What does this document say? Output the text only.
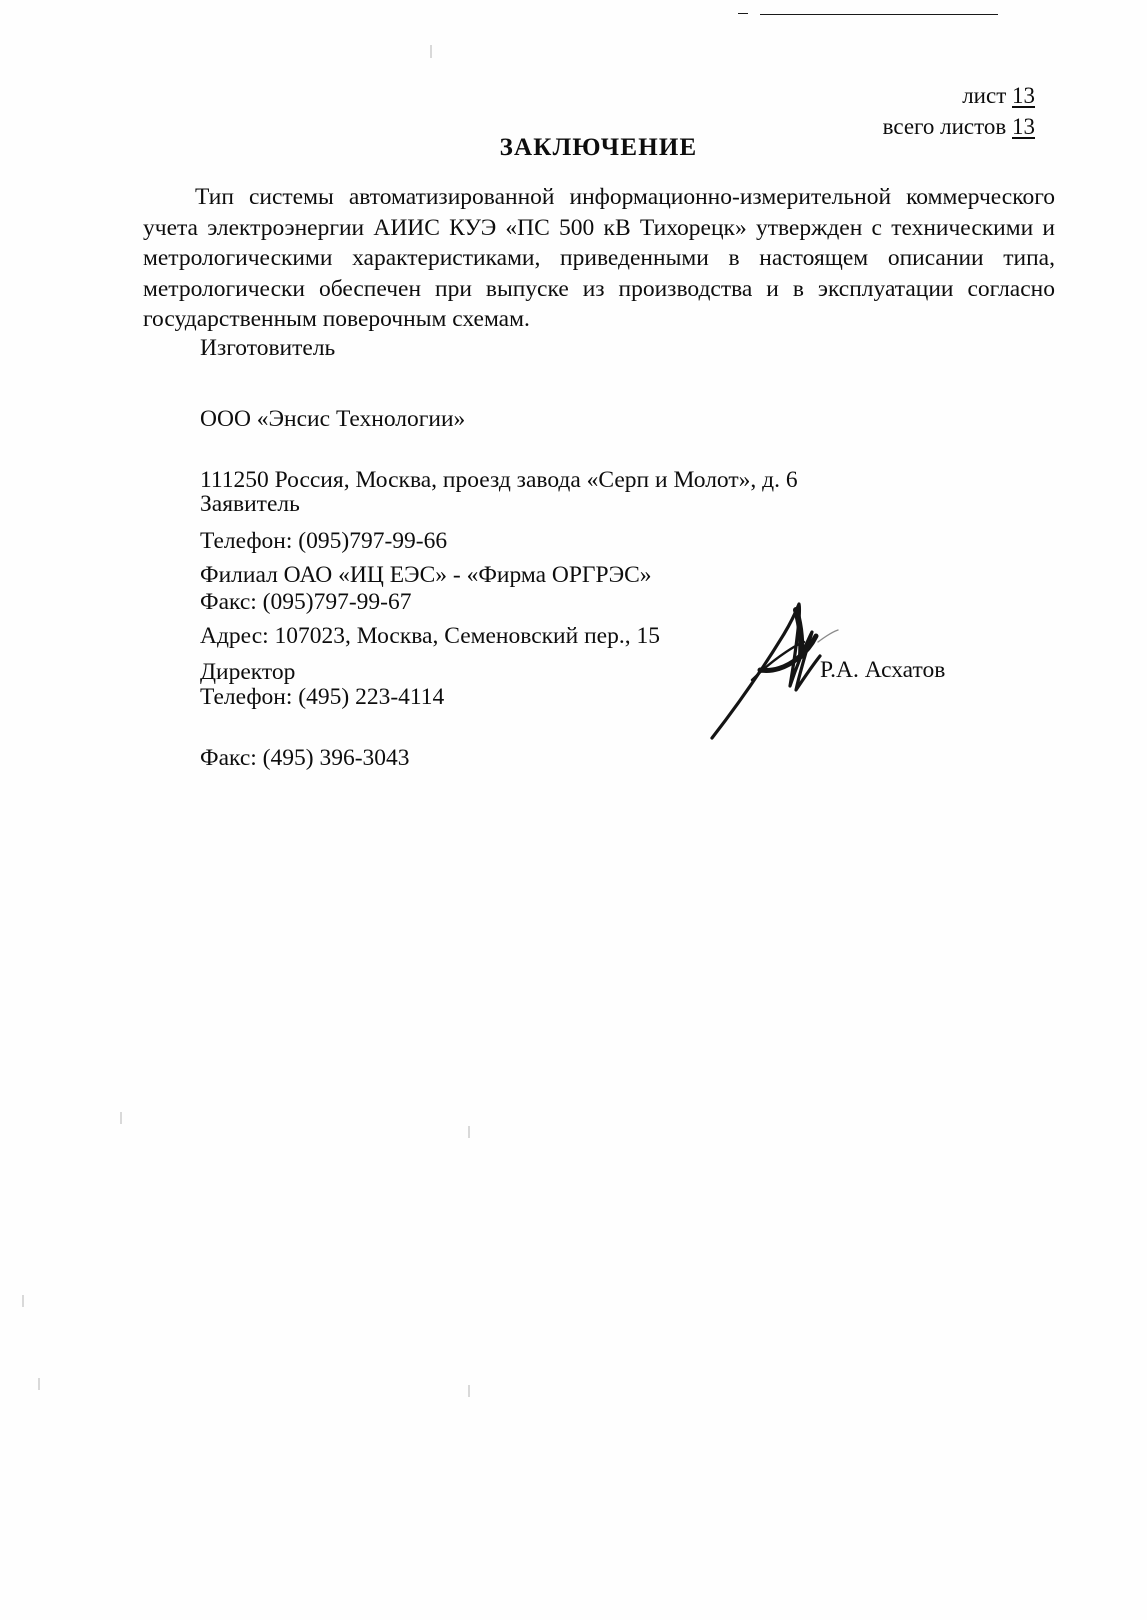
лист 13
всего листов 13
ЗАКЛЮЧЕНИЕ
Тип системы автоматизированной информационно-измерительной коммерческого учета электроэнергии АИИС КУЭ «ПС 500 кВ Тихорецк» утвержден с техническими и метрологическими характеристиками, приведенными в настоящем описании типа, метрологически обеспечен при выпуске из производства и в эксплуатации согласно государственным поверочным схемам.
Изготовитель

ООО «Энсис Технологии»

111250 Россия, Москва, проезд завода «Серп и Молот», д. 6

Телефон: (095)797-99-66

Факс: (095)797-99-67

Заявитель

Филиал ОАО «ИЦ ЕЭС» - «Фирма ОРГРЭС»

Адрес: 107023, Москва, Семеновский пер., 15

Телефон: (495) 223-4114

Факс: (495) 396-3043

Директор	Р.А. Асхатов
